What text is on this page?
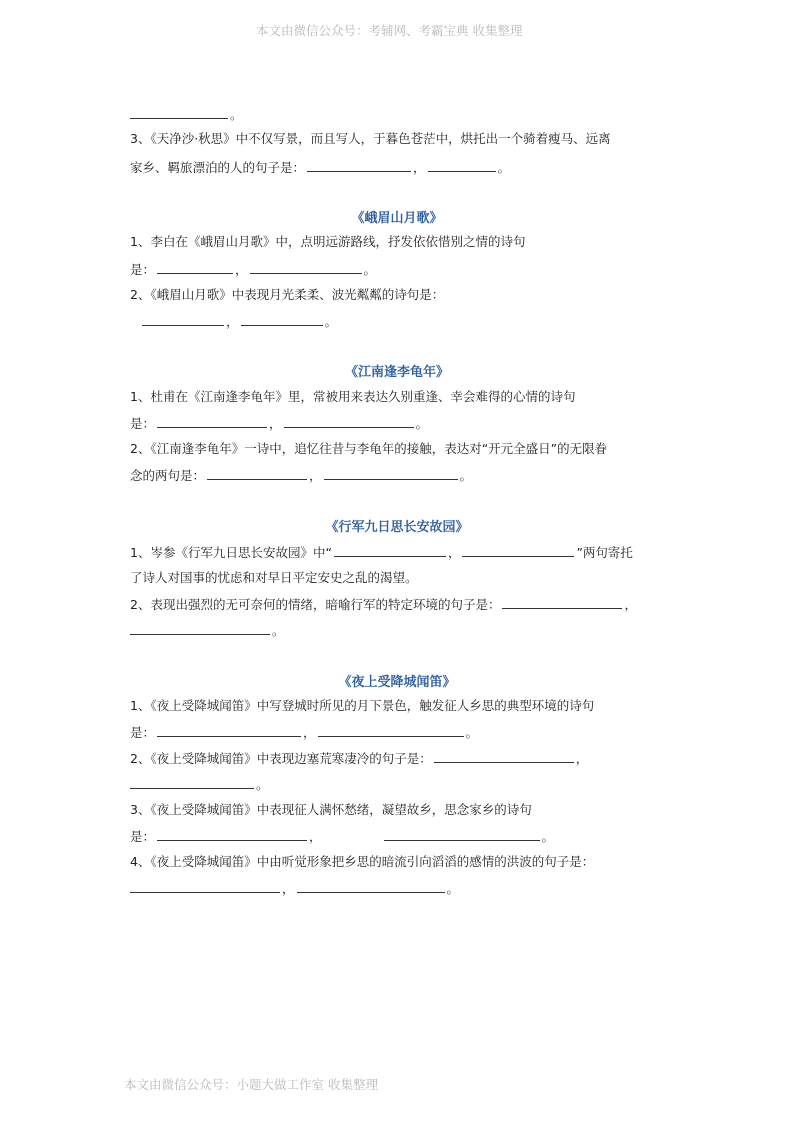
本文由微信公众号：考辅网、考霸宝典 收集整理
。
3、《天净沙·秋思》中不仅写景，而且写人，于暮色苍茫中，烘托出一个骑着瘦马、远离
家乡、羁旅漂泊的人的句子是：	，	。
《峨眉山月歌》
1、李白在《峨眉山月歌》中，点明远游路线，抒发依依惜别之情的诗句
是：	，	。
2、《峨眉山月歌》中表现月光柔柔、波光粼粼的诗句是：
，	。
《江南逢李龟年》
1、杜甫在《江南逢李龟年》里，常被用来表达久别重逢、幸会难得的心情的诗句
是：	，	。
2、《江南逢李龟年》一诗中，追忆往昔与李龟年的接触，表达对“开元全盛日”的无限眷
念的两句是：	，	。
《行军九日思长安故园》
1、岑参《行军九日思长安故园》中“	，	”两句寄托
了诗人对国事的忧虑和对早日平定安史之乱的渴望。
2、表现出强烈的无可奈何的情绪，暗喻行军的特定环境的句子是：	，
。
《夜上受降城闻笛》
1、《夜上受降城闻笛》中写登城时所见的月下景色，触发征人乡思的典型环境的诗句
是：	，	。
2、《夜上受降城闻笛》中表现边塞荒寒凄冷的句子是：	，
。
3、《夜上受降城闻笛》中表现征人满怀愁绪，凝望故乡，思念家乡的诗句
是：	，	。
4、《夜上受降城闻笛》中由听觉形象把乡思的暗流引向滔滔的感情的洪波的句子是：
，	。
本文由微信公众号：小题大做工作室 收集整理
